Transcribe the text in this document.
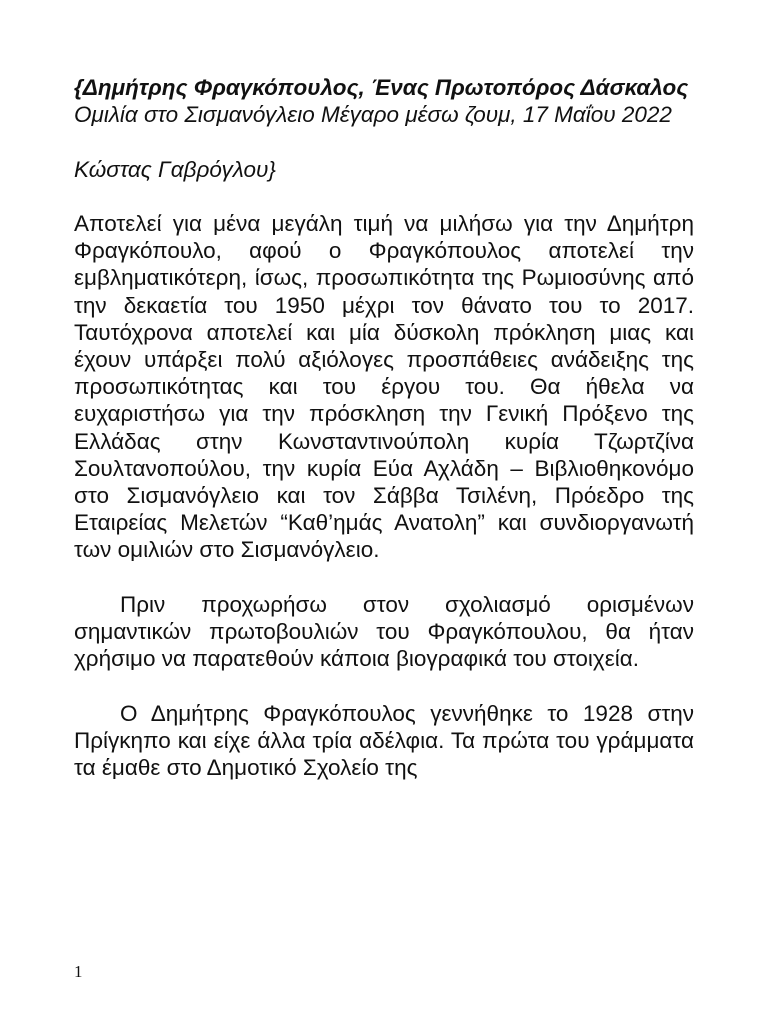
{Δημήτρης Φραγκόπουλος, Ένας Πρωτοπόρος Δάσκαλος
Ομιλία στο Σισμανόγλειο Μέγαρο μέσω ζουμ, 17 Μαΐου 2022
Κώστας Γαβρόγλου}
Αποτελεί για μένα μεγάλη τιμή να μιλήσω για την Δημήτρη Φραγκόπουλο, αφού ο Φραγκόπουλος αποτελεί την εμβληματικότερη, ίσως, προσωπικότητα της Ρωμιοσύνης από την δεκαετία του 1950 μέχρι τον θάνατο του το 2017. Ταυτόχρονα αποτελεί και μία δύσκολη πρόκληση μιας και έχουν υπάρξει πολύ αξιόλογες προσπάθειες ανάδειξης της προσωπικότητας και του έργου του. Θα ήθελα να ευχαριστήσω για την πρόσκληση την Γενική Πρόξενο της Ελλάδας στην Κωνσταντινούπολη κυρία Τζωρτζίνα Σουλτανοπούλου, την κυρία Εύα Αχλάδη – Βιβλιοθηκονόμο στο Σισμανόγλειο και τον Σάββα Τσιλένη, Πρόεδρο της Εταιρείας Μελετών “Καθ’ημάς Ανατολη” και συνδιοργανωτή των ομιλιών στο Σισμανόγλειο.
Πριν προχωρήσω στον σχολιασμό ορισμένων σημαντικών πρωτοβουλιών του Φραγκόπουλου, θα ήταν χρήσιμο να παρατεθούν κάποια βιογραφικά του στοιχεία.
Ο Δημήτρης Φραγκόπουλος γεννήθηκε το 1928 στην Πρίγκηπο και είχε άλλα τρία αδέλφια. Τα πρώτα του γράμματα τα έμαθε στο Δημοτικό Σχολείο της
1
